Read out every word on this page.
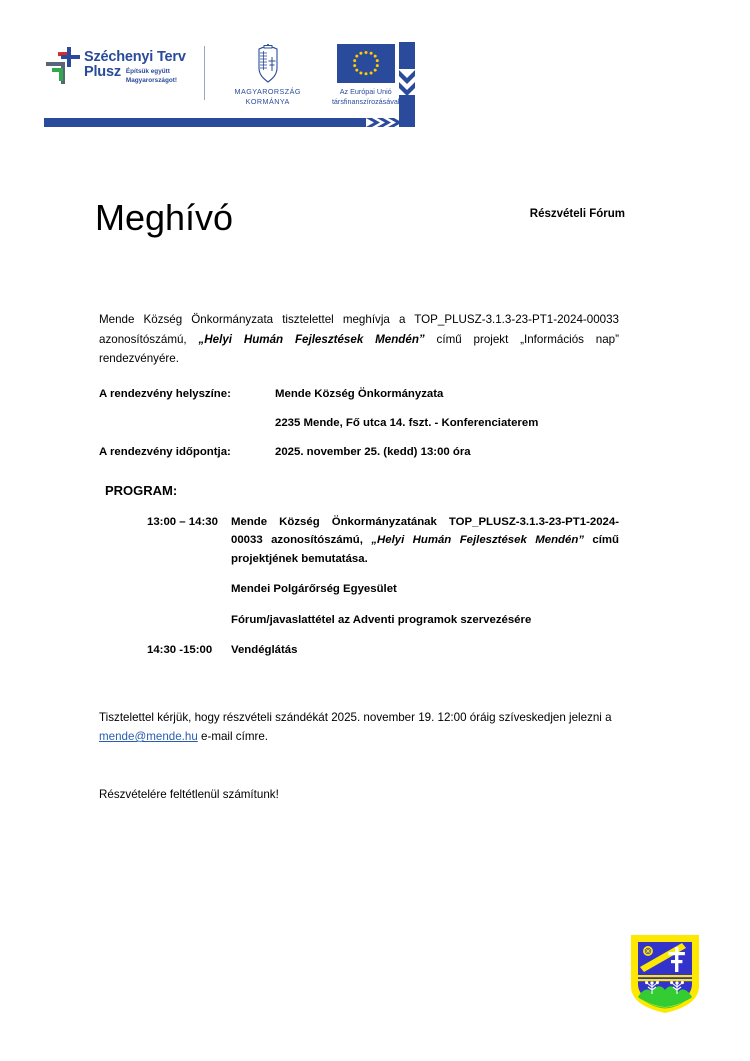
Széchenyi Terv
Plusz Építsük együtt
Magyarországot!
MAGYARORSZÁG
KORMÁNYA
Az Európai Unió
társfinanszírozásával
Meghívó	Részvételi Fórum

Mende Község Önkormányzata tisztelettel meghívja a TOP_PLUSZ-3.1.3-23-PT1-2024-00033 azonosítószámú, „Helyi Humán Fejlesztések Mendén” című projekt „Információs nap” rendezvényére.

A rendezvény helyszíne:	Mende Község Önkormányzata
2235 Mende, Fő utca 14. fszt. - Konferenciaterem
A rendezvény időpontja:	2025. november 25. (kedd) 13:00 óra
PROGRAM:
13:00 – 14:30	Mende Község Önkormányzatának TOP_PLUSZ-3.1.3-23-PT1-2024-00033 azonosítószámú, „Helyi Humán Fejlesztések Mendén” című projektjének bemutatása.
Mendei Polgárőrség Egyesület
Fórum/javaslattétel az Adventi programok szervezésére
14:30 -15:00	Vendéglátás

Tisztelettel kérjük, hogy részvételi szándékát 2025. november 19. 12:00 óráig szíveskedjen jelezni a mende@mende.hu e-mail címre.

Részvételére feltétlenül számítunk!
